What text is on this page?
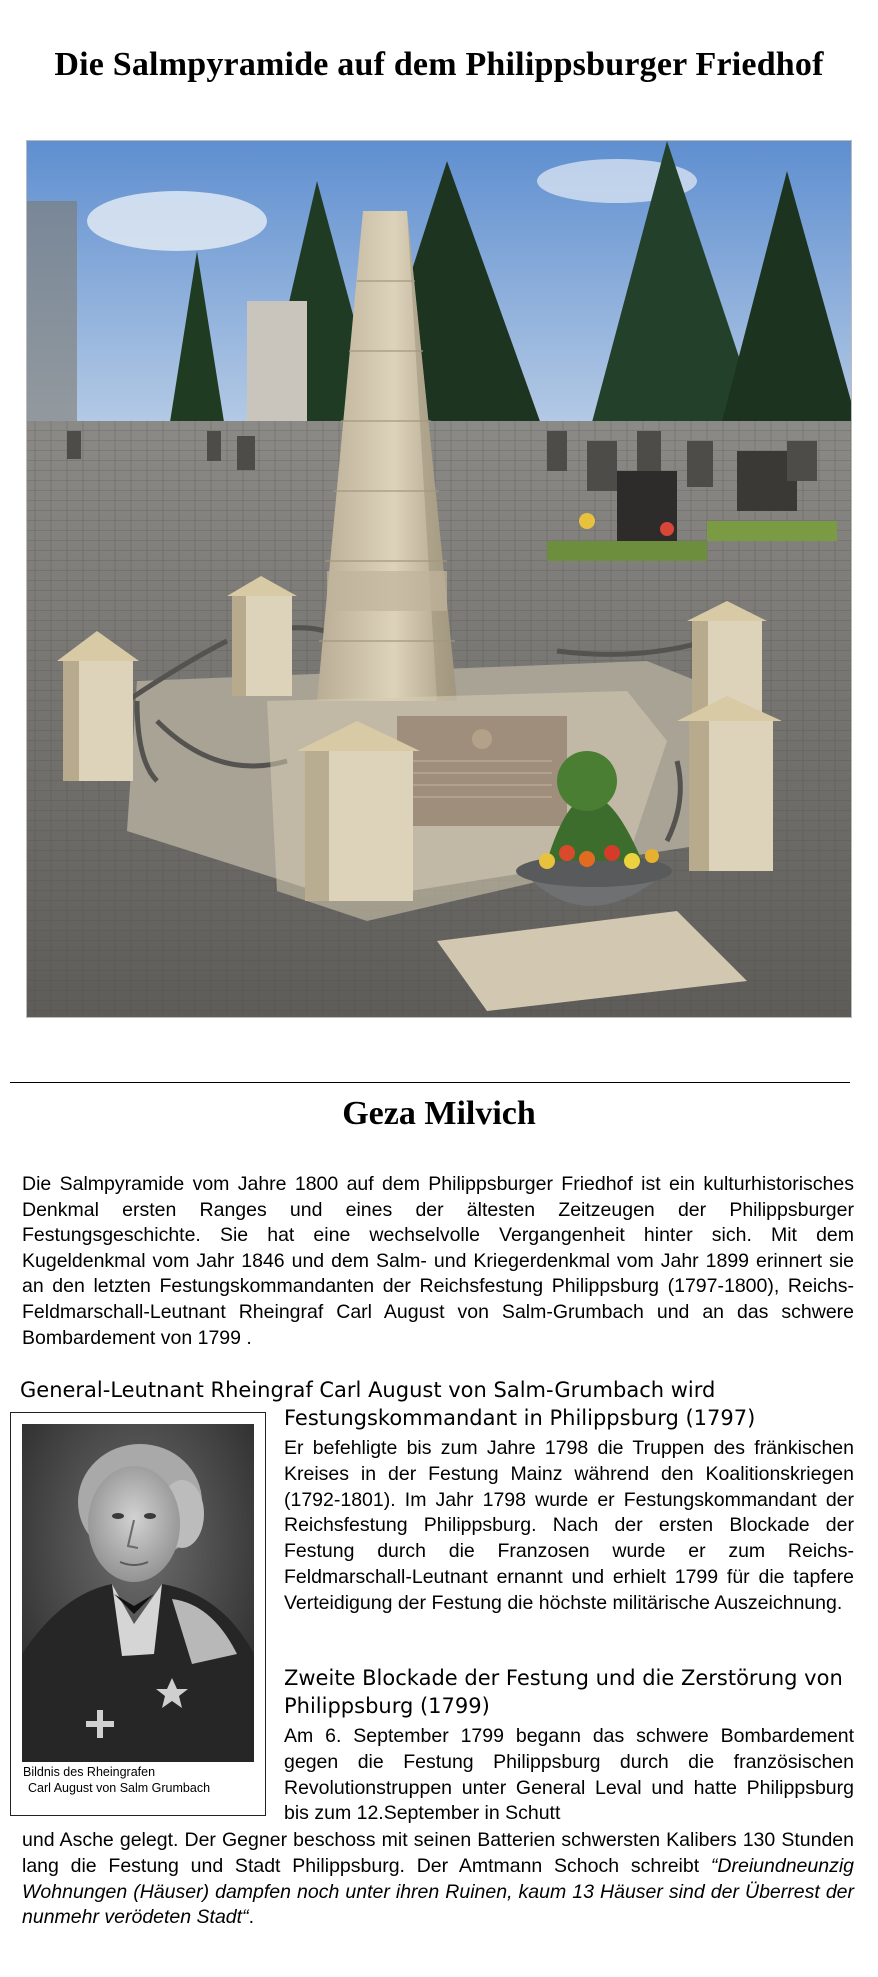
Die Salmpyramide auf dem Philippsburger Friedhof
Geza Milvich
Die Salmpyramide vom Jahre 1800 auf dem Philippsburger Friedhof ist ein kulturhistorisches Denkmal ersten Ranges und eines der ältesten Zeitzeugen der Philippsburger Festungsgeschichte. Sie hat eine wechselvolle Vergangenheit hinter sich. Mit dem Kugeldenkmal vom Jahr 1846 und dem Salm- und Kriegerdenkmal vom Jahr 1899 erinnert sie an den letzten Festungskommandanten der Reichsfestung Philippsburg (1797-1800), Reichs-Feldmarschall-Leutnant Rheingraf Carl August von Salm-Grumbach und an das schwere Bombardement von 1799 .
General-Leutnant Rheingraf Carl August von Salm-Grumbach wird
Bildnis des Rheingrafen
Carl August von Salm Grumbach
Festungskommandant in Philippsburg (1797)
Er befehligte bis zum Jahre 1798 die Truppen des fränkischen Kreises in der Festung Mainz während den Koalitionskriegen (1792-1801). Im Jahr 1798 wurde er Festungskommandant der Reichsfestung Philippsburg. Nach der ersten Blockade der Festung durch die Franzosen wurde er zum Reichs-Feldmarschall-Leutnant ernannt und erhielt 1799 für die tapfere Verteidigung der Festung die höchste militärische Auszeichnung.
Zweite Blockade der Festung und die Zerstörung von Philippsburg (1799)
Am 6. September 1799 begann das schwere Bombardement gegen die Festung Philippsburg durch die französischen Revolutionstruppen unter General Leval und hatte Philippsburg bis zum 12.September in Schutt
und Asche gelegt. Der Gegner beschoss mit seinen Batterien schwersten Kalibers 130 Stunden lang die Festung und Stadt Philippsburg. Der Amtmann Schoch schreibt “Dreiundneunzig Wohnungen (Häuser) dampfen noch unter ihren Ruinen, kaum 13 Häuser sind der Überrest der nunmehr verödeten Stadt“.
